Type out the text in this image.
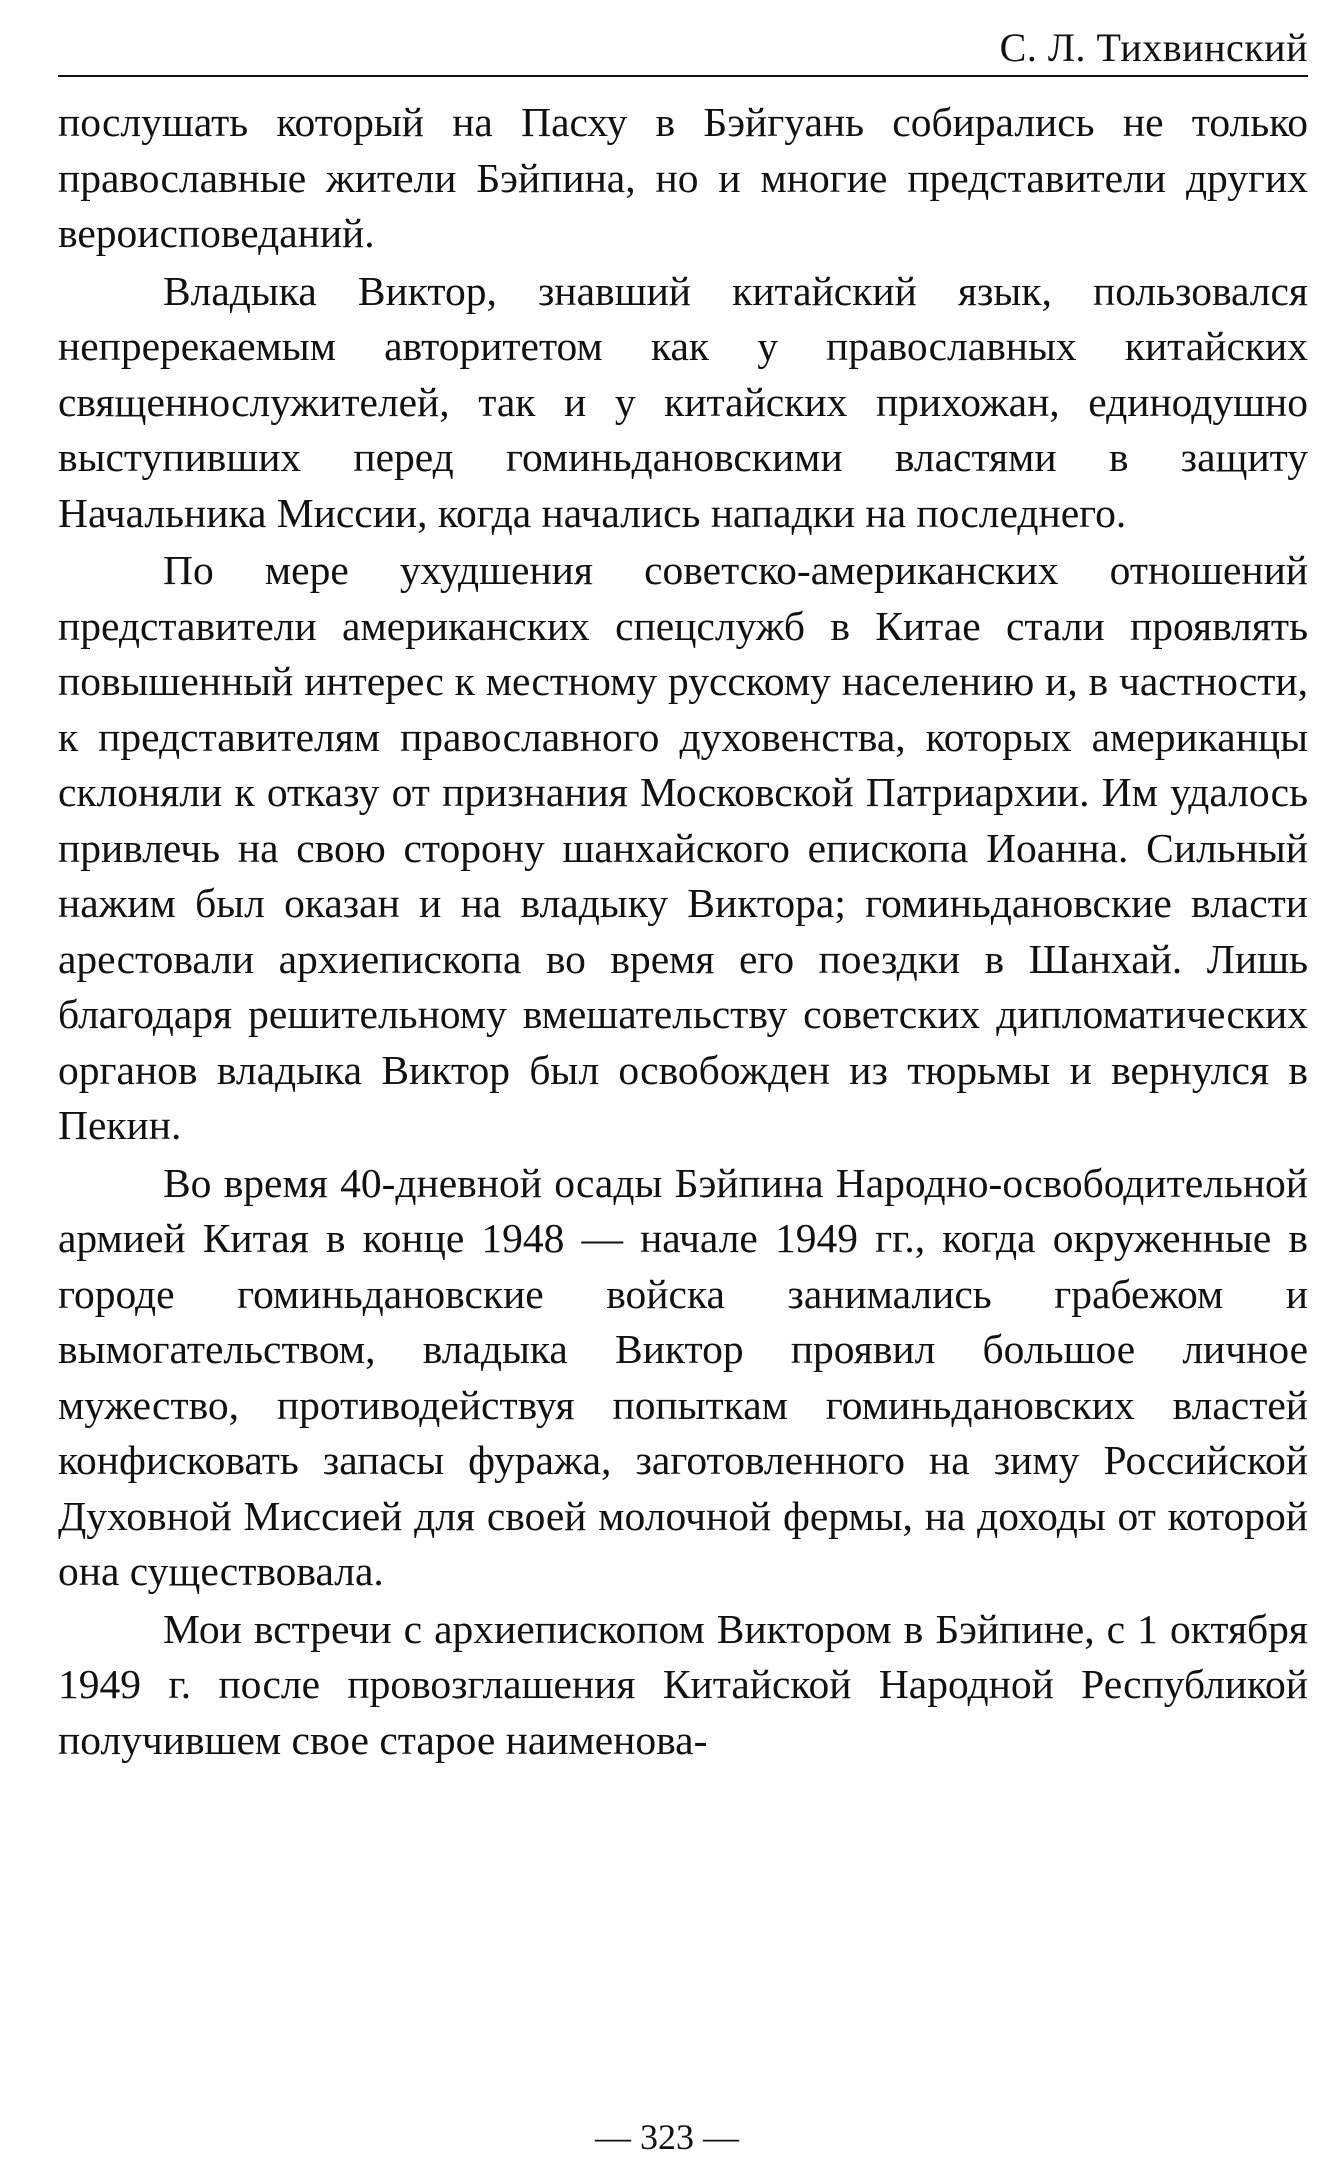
С. Л. Тихвинский

послушать который на Пасху в Бэйгуань собирались не только православные жители Бэйпина, но и многие представители других вероисповеданий.

Владыка Виктор, знавший китайский язык, пользовался непререкаемым авторитетом как у православных китайских священнослужителей, так и у китайских прихожан, единодушно выступивших перед гоминьдановскими властями в защиту Начальника Миссии, когда начались нападки на последнего.

По мере ухудшения советско-американских отношений представители американских спецслужб в Китае стали проявлять повышенный интерес к местному русскому населению и, в частности, к представителям православного духовенства, которых американцы склоняли к отказу от признания Московской Патриархии. Им удалось привлечь на свою сторону шанхайского епископа Иоанна. Сильный нажим был оказан и на владыку Виктора; гоминьдановские власти арестовали архиепископа во время его поездки в Шанхай. Лишь благодаря решительному вмешательству советских дипломатических органов владыка Виктор был освобожден из тюрьмы и вернулся в Пекин.

Во время 40-дневной осады Бэйпина Народно-освободительной армией Китая в конце 1948 — начале 1949 гг., когда окруженные в городе гоминьдановские войска занимались грабежом и вымогательством, владыка Виктор проявил большое личное мужество, противодействуя попыткам гоминьдановских властей конфисковать запасы фуража, заготовленного на зиму Российской Духовной Миссией для своей молочной фермы, на доходы от которой она существовала.

Мои встречи с архиепископом Виктором в Бэйпине, с 1 октября 1949 г. после провозглашения Китайской Народной Республикой получившем свое старое наименова-

— 323 —
